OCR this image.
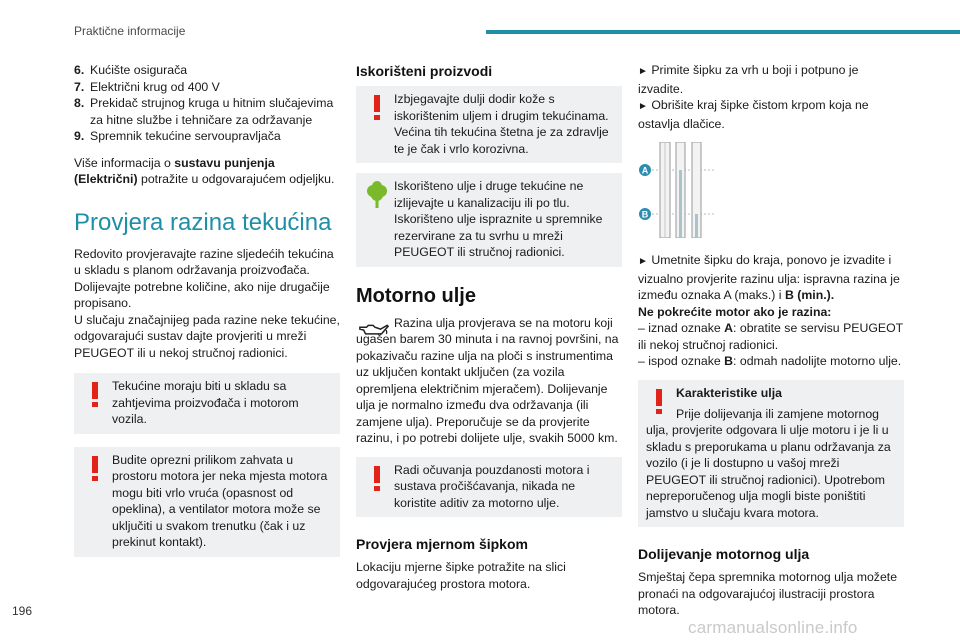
Praktične informacije
6. Kućište osigurača
7. Električni krug od 400 V
8. Prekidač strujnog kruga u hitnim slučajevima za hitne službe i tehničare za održavanje
9. Spremnik tekućine servoupravljača

Više informacija o sustavu punjenja (Električni) potražite u odgovarajućem odjeljku.

Provjera razina tekućina

Redovito provjeravajte razine sljedećih tekućina u skladu s planom održavanja proizvođača. Dolijevajte potrebne količine, ako nije drugačije propisano.

U slučaju značajnijeg pada razine neke tekućine, odgovarajući sustav dajte provjeriti u mreži PEUGEOT ili u nekoj stručnoj radionici.

Tekućine moraju biti u skladu sa zahtjevima proizvođača i motorom vozila.

Budite oprezni prilikom zahvata u prostoru motora jer neka mjesta motora mogu biti vrlo vruća (opasnost od opeklina), a ventilator motora može se uključiti u svakom trenutku (čak i uz prekinut kontakt).

Iskorišteni proizvodi

Izbjegavajte dulji dodir kože s iskorištenim uljem i drugim tekućinama. Većina tih tekućina štetna je za zdravlje te je čak i vrlo korozivna.

Iskorišteno ulje i druge tekućine ne izlijevajte u kanalizaciju ili po tlu. Iskorišteno ulje ispraznite u spremnike rezervirane za tu svrhu u mreži PEUGEOT ili stručnoj radionici.

Motorno ulje

Razina ulja provjerava se na motoru koji ugašen barem 30 minuta i na ravnoj površini, na pokazivaču razine ulja na ploči s instrumentima uz uključen kontakt uključen (za vozila opremljena električnim mjeračem). Dolijevanje ulja je normalno između dva održavanja (ili zamjene ulja). Preporučuje se da provjerite razinu, i po potrebi dolijete ulje, svakih 5000 km.

Radi očuvanja pouzdanosti motora i sustava pročišćavanja, nikada ne koristite aditiv za motorno ulje.

Provjera mjernom šipkom

Lokaciju mjerne šipke potražite na slici odgovarajućeg prostora motora.

► Primite šipku za vrh u boji i potpuno je izvadite.

► Obrišite kraj šipke čistom krpom koja ne ostavlja dlačice.

A
B

► Umetnite šipku do kraja, ponovo je izvadite i vizualno provjerite razinu ulja: ispravna razina je između oznaka A (maks.) i B (min.).

Ne pokrećite motor ako je razina:

– iznad oznake A: obratite se servisu PEUGEOT ili nekoj stručnoj radionici.

– ispod oznake B: odmah nadolijte motorno ulje.

Karakteristike ulja

Prije dolijevanja ili zamjene motornog ulja, provjerite odgovara li ulje motoru i je li u skladu s preporukama u planu održavanja za vozilo (i je li dostupno u vašoj mreži PEUGEOT ili stručnoj radionici). Upotrebom nepreporučenog ulja mogli biste poništiti jamstvo u slučaju kvara motora.

Dolijevanje motornog ulja

Smještaj čepa spremnika motornog ulja možete pronaći na odgovarajućoj ilustraciji prostora motora.

196
carmanualsonline.info
